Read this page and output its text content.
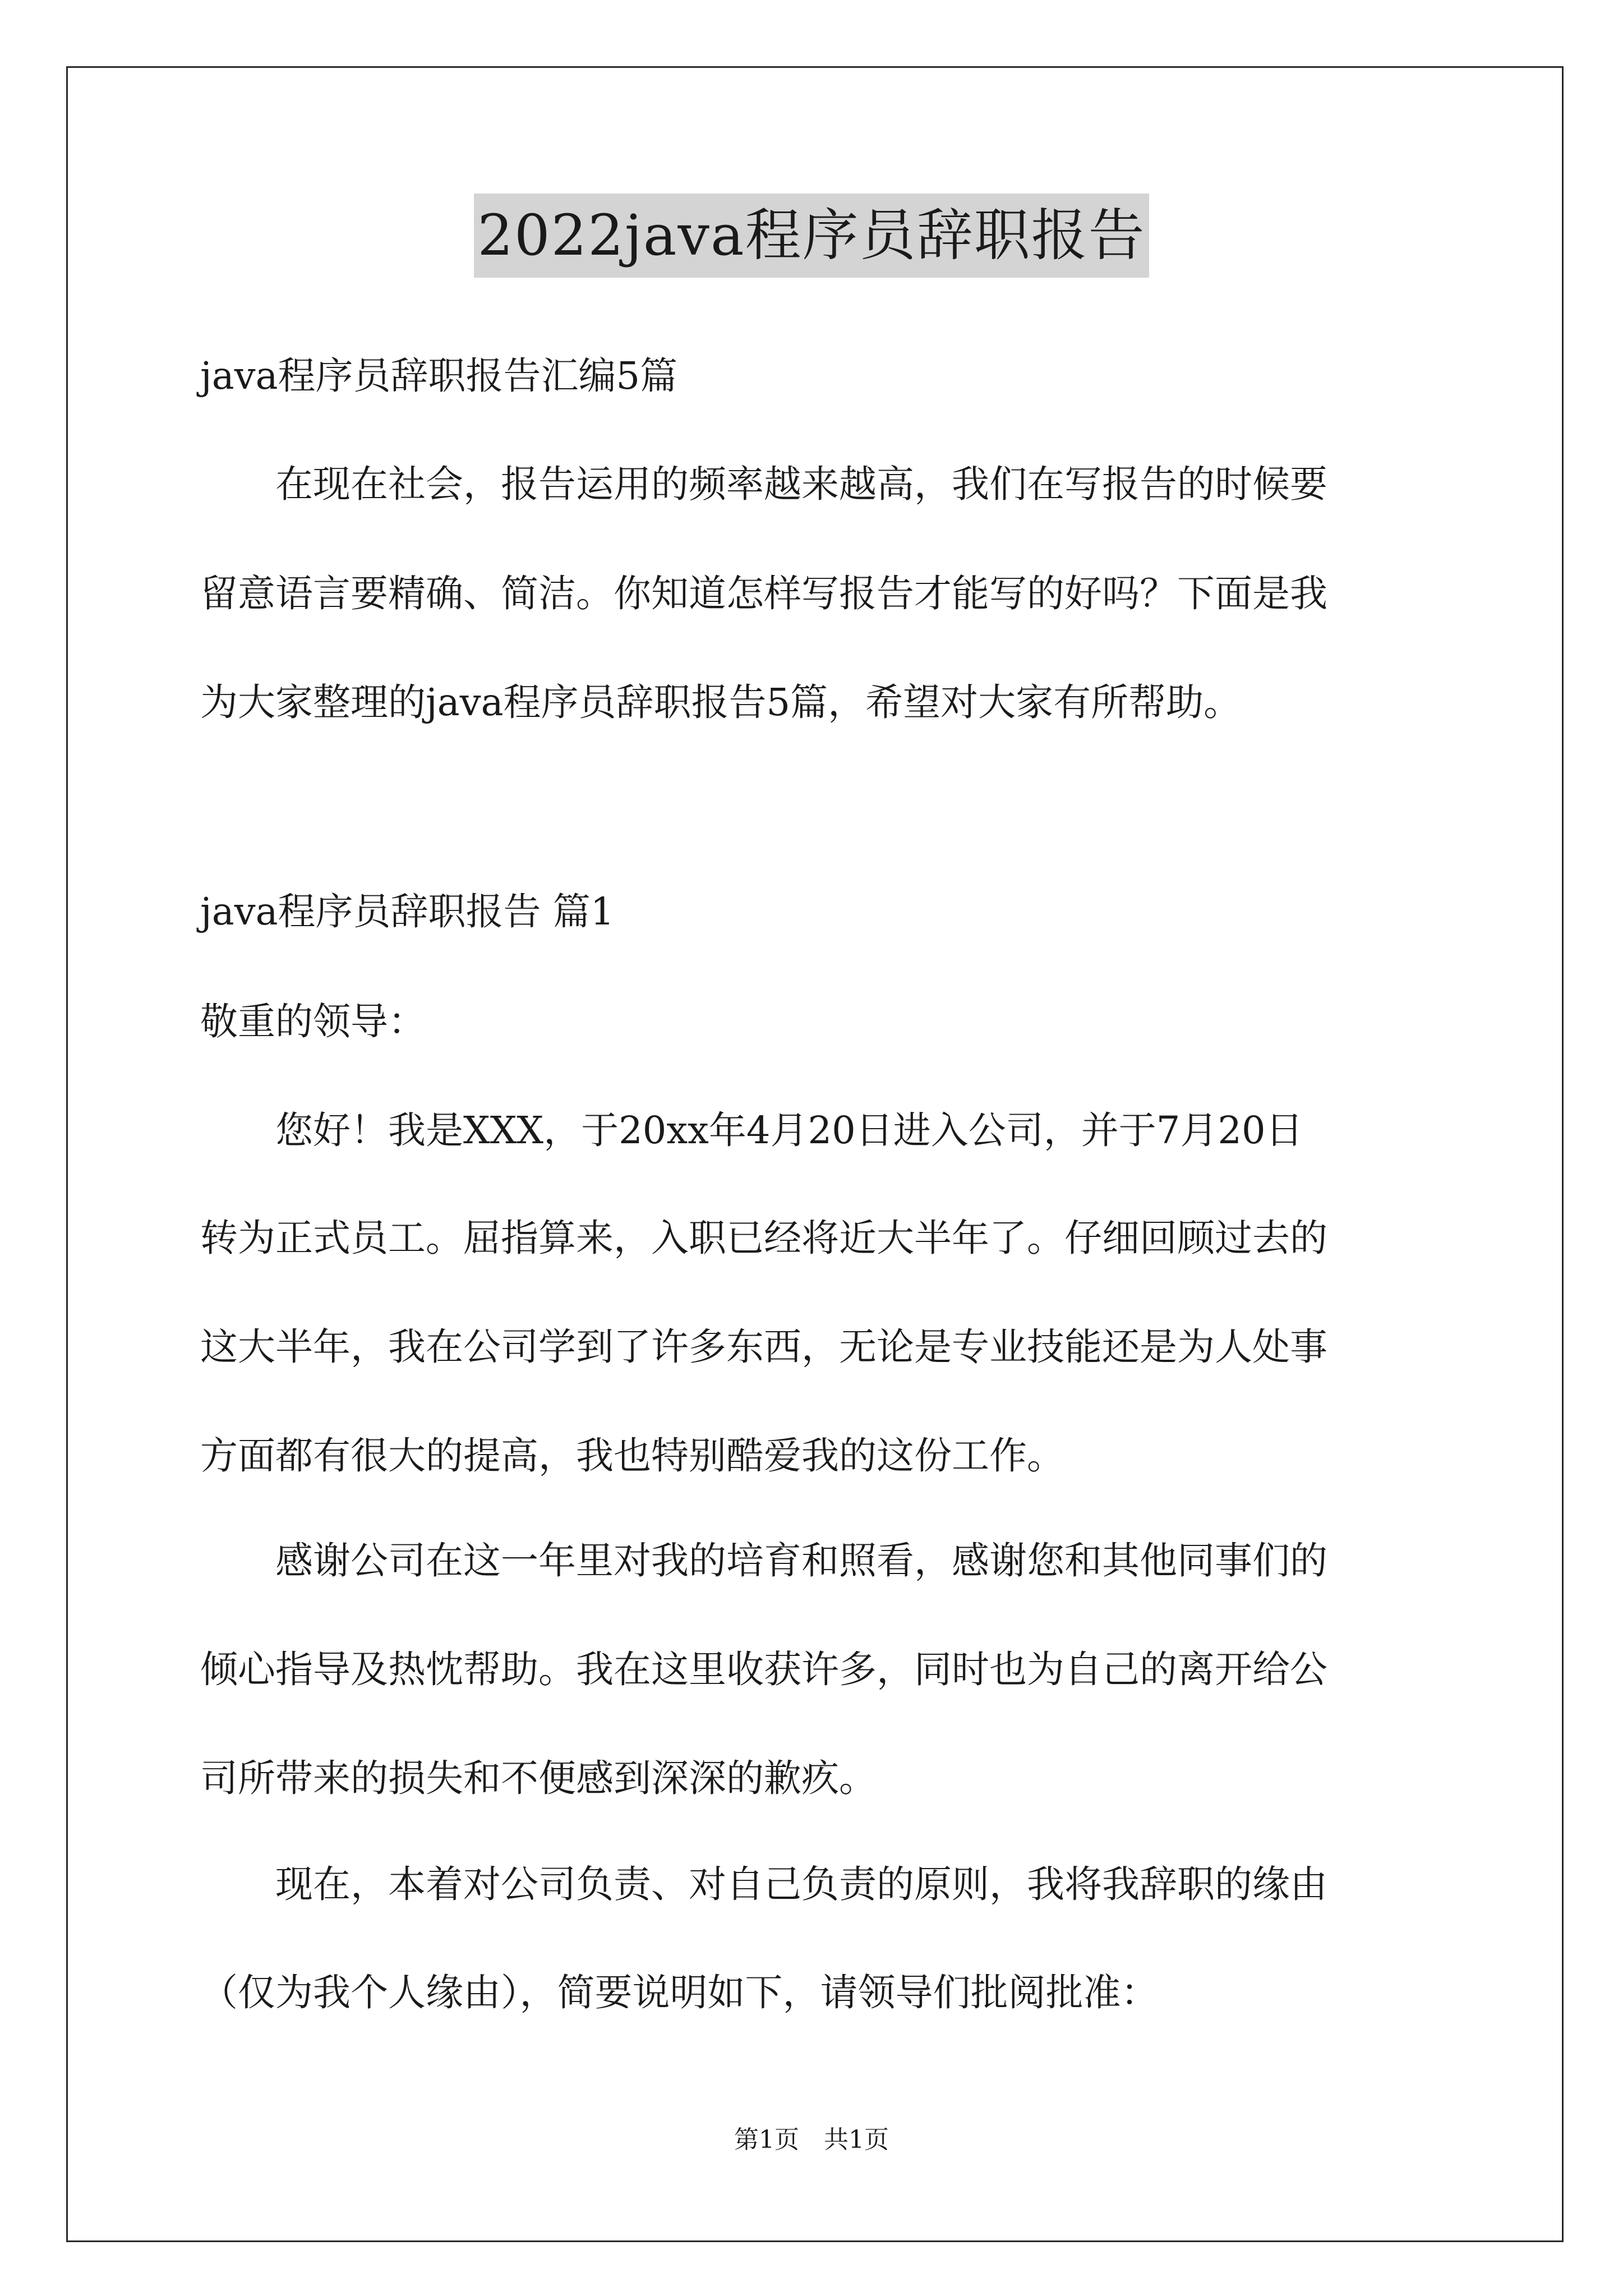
2022java程序员辞职报告
java程序员辞职报告汇编5篇
　　在现在社会，报告运用的频率越来越高，我们在写报告的时候要
留意语言要精确、简洁。你知道怎样写报告才能写的好吗？下面是我
为大家整理的java程序员辞职报告5篇，希望对大家有所帮助。
java程序员辞职报告 篇1
敬重的领导：
　　您好！我是XXX，于20xx年4月20日进入公司，并于7月20日
转为正式员工。屈指算来，入职已经将近大半年了。仔细回顾过去的
这大半年，我在公司学到了许多东西，无论是专业技能还是为人处事
方面都有很大的提高，我也特别酷爱我的这份工作。
　　感谢公司在这一年里对我的培育和照看，感谢您和其他同事们的
倾心指导及热忱帮助。我在这里收获许多，同时也为自己的离开给公
司所带来的损失和不便感到深深的歉疚。
　　现在，本着对公司负责、对自己负责的原则，我将我辞职的缘由
（仅为我个人缘由），简要说明如下，请领导们批阅批准：
第1页　共1页
